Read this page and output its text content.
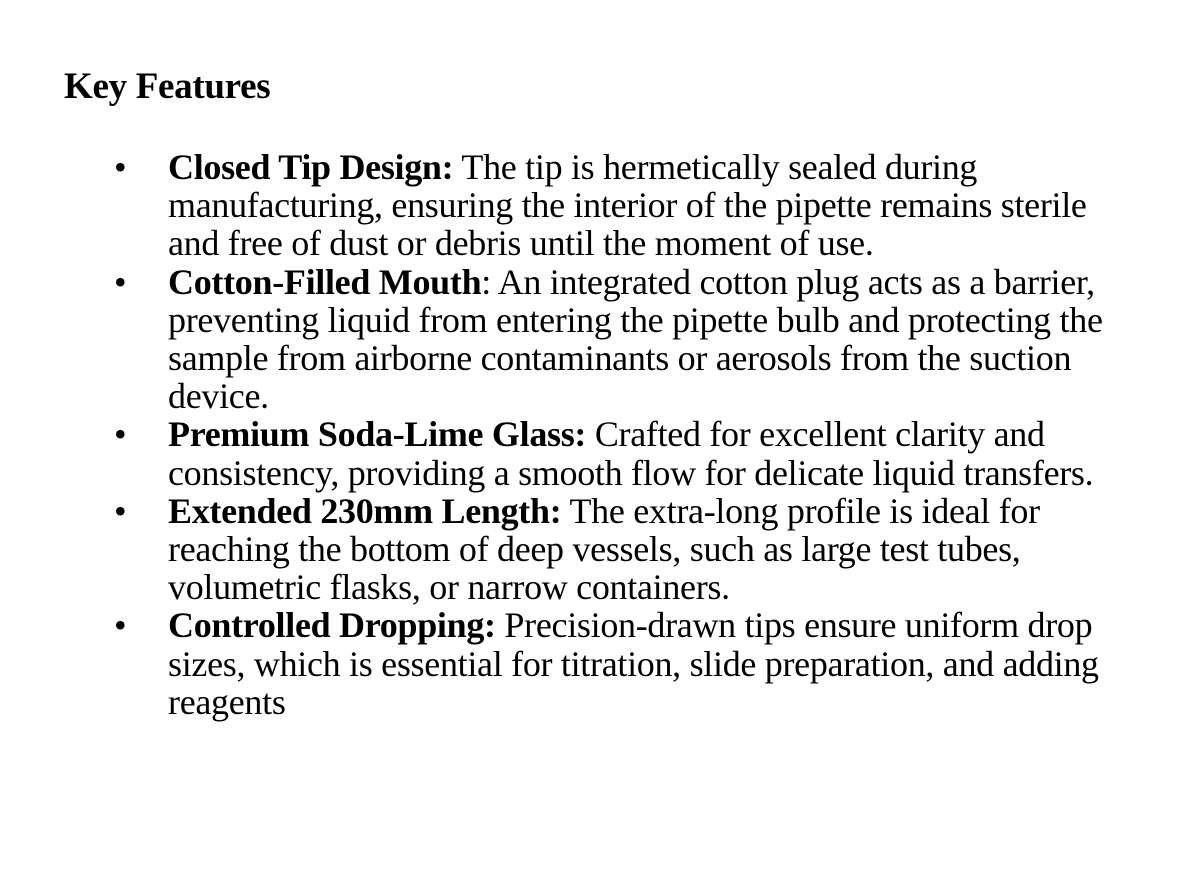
Key Features
• Closed Tip Design: The tip is hermetically sealed during manufacturing, ensuring the interior of the pipette remains sterile and free of dust or debris until the moment of use.
• Cotton-Filled Mouth: An integrated cotton plug acts as a barrier, preventing liquid from entering the pipette bulb and protecting the sample from airborne contaminants or aerosols from the suction device.
• Premium Soda-Lime Glass: Crafted for excellent clarity and consistency, providing a smooth flow for delicate liquid transfers.
• Extended 230mm Length: The extra-long profile is ideal for reaching the bottom of deep vessels, such as large test tubes, volumetric flasks, or narrow containers.
• Controlled Dropping: Precision-drawn tips ensure uniform drop sizes, which is essential for titration, slide preparation, and adding reagents
